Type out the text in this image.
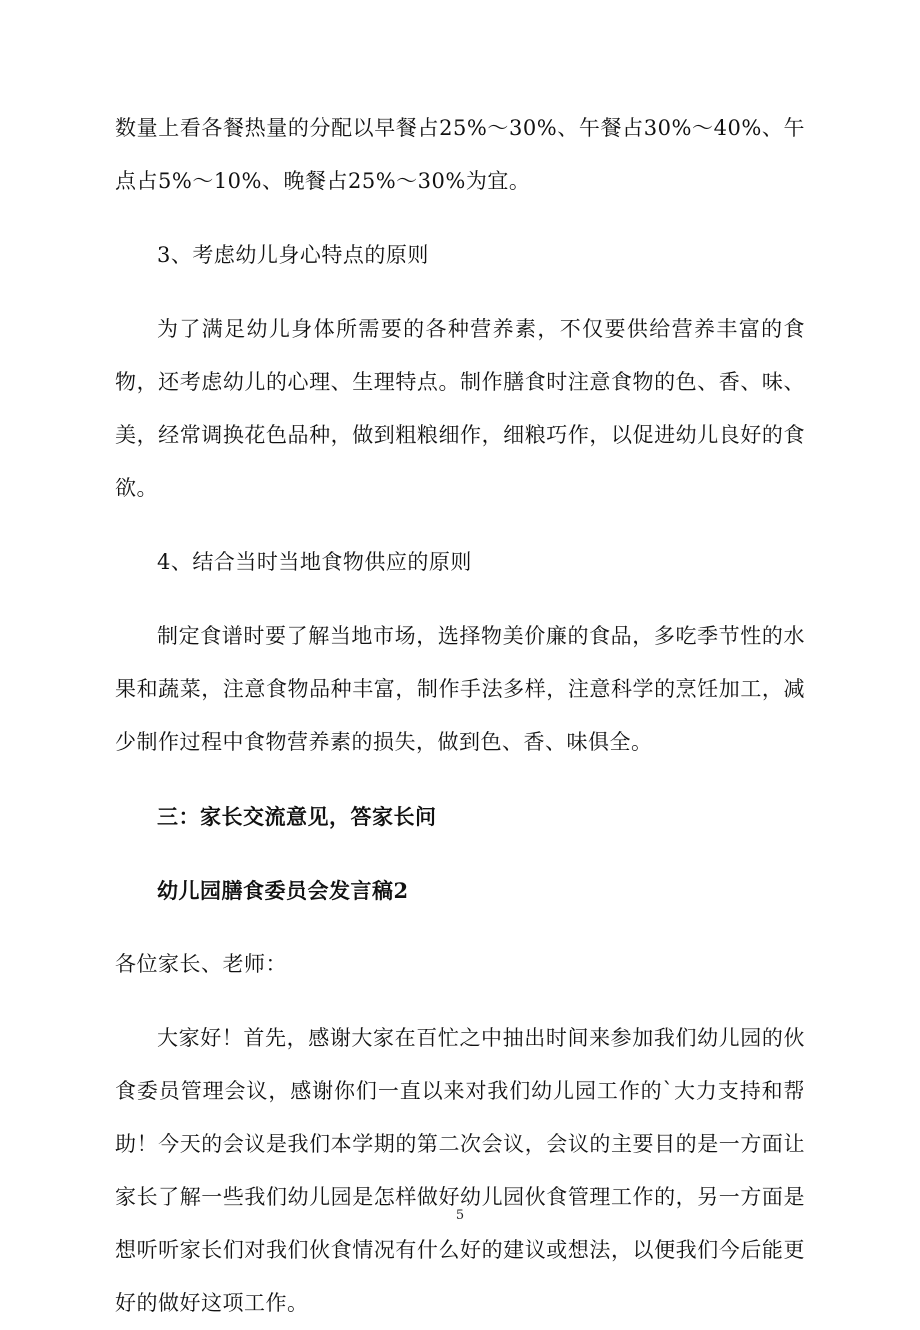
数量上看各餐热量的分配以早餐占25%～30%、午餐占30%～40%、午点占5%～10%、晚餐占25%～30%为宜。

3、考虑幼儿身心特点的原则

为了满足幼儿身体所需要的各种营养素，不仅要供给营养丰富的食物，还考虑幼儿的心理、生理特点。制作膳食时注意食物的色、香、味、美，经常调换花色品种，做到粗粮细作，细粮巧作，以促进幼儿良好的食欲。

4、结合当时当地食物供应的原则

制定食谱时要了解当地市场，选择物美价廉的食品，多吃季节性的水果和蔬菜，注意食物品种丰富，制作手法多样，注意科学的烹饪加工，减少制作过程中食物营养素的损失，做到色、香、味俱全。

三：家长交流意见，答家长问

幼儿园膳食委员会发言稿2

各位家长、老师：

大家好！首先，感谢大家在百忙之中抽出时间来参加我们幼儿园的伙食委员管理会议，感谢你们一直以来对我们幼儿园工作的`大力支持和帮助！今天的会议是我们本学期的第二次会议，会议的主要目的是一方面让家长了解一些我们幼儿园是怎样做好幼儿园伙食管理工作的，另一方面是想听听家长们对我们伙食情况有什么好的建议或想法，以便我们今后能更好的做好这项工作。

5
